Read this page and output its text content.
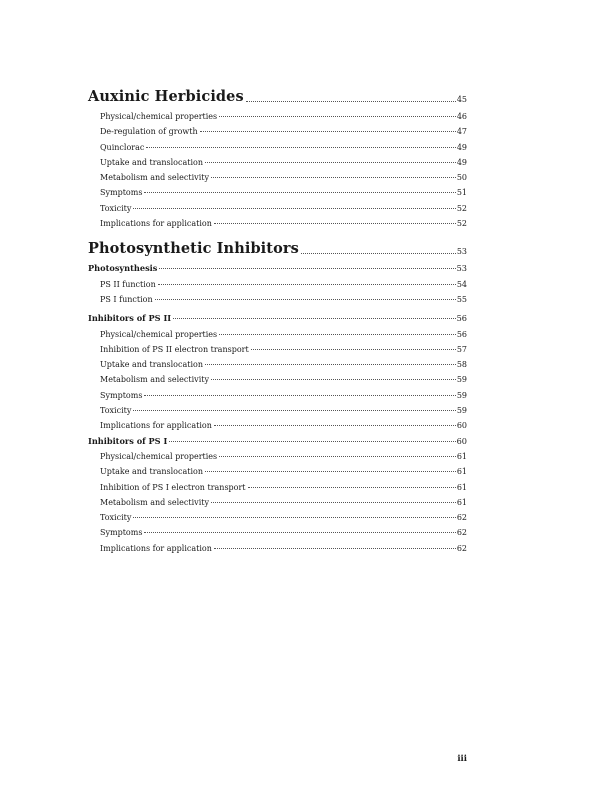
Auxinic Herbicides	45
Physical/chemical properties	46
De-regulation of growth	47
Quinclorac	49
Uptake and translocation	49
Metabolism and selectivity	50
Symptoms	51
Toxicity	52
Implications for application	52
Photosynthetic Inhibitors	53
Photosynthesis	53
PS II function	54
PS I function	55
Inhibitors of PS II	56
Physical/chemical properties	56
Inhibition of PS II electron transport	57
Uptake and translocation	58
Metabolism and selectivity	59
Symptoms	59
Toxicity	59
Implications for application	60
Inhibitors of PS I	60
Physical/chemical properties	61
Uptake and translocation	61
Inhibition of PS I electron transport	61
Metabolism and selectivity	61
Toxicity	62
Symptoms	62
Implications for application	62
iii
